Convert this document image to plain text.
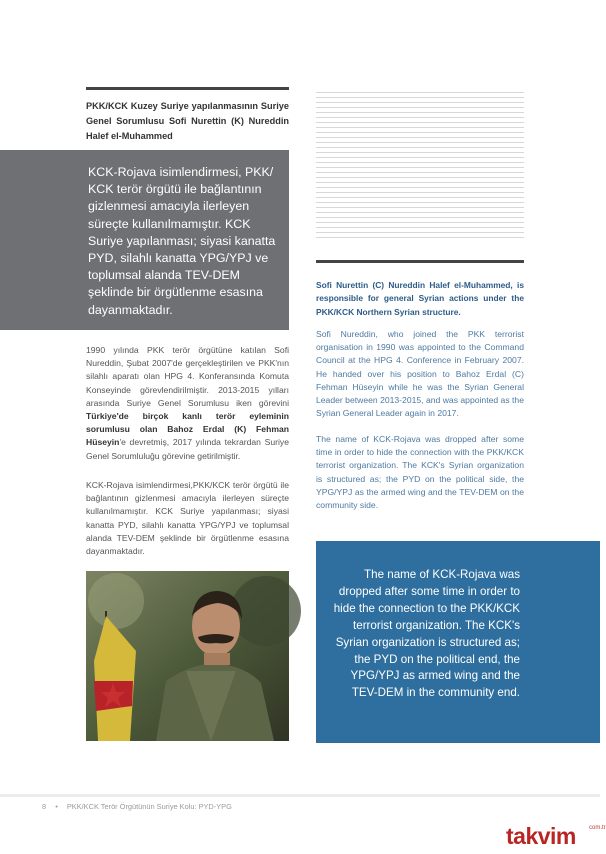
PKK/KCK Kuzey Suriye yapılanmasının Suriye Genel Sorumlusu Sofi Nurettin (K) Nureddin Halef el-Muhammed

KCK-Rojava isimlendirmesi, PKK/ KCK terör örgütü ile bağlantının gizlenmesi amacıyla ilerleyen süreçte kullanılmamıştır. KCK Suriye yapılanması; siyasi kanatta PYD, silahlı kanatta YPG/YPJ ve toplumsal alanda TEV-DEM şeklinde bir örgütlenme esasına dayanmaktadır.

1990 yılında PKK terör örgütüne katılan Sofi Nureddin, Şubat 2007'de gerçekleştirilen ve PKK'nın silahlı aparatı olan HPG 4. Konferansında Komuta Konseyinde görevlendirilmiştir. 2013-2015 yılları arasında Suriye Genel Sorumlusu iken görevini Türkiye'de birçok kanlı terör eyleminin sorumlusu olan Bahoz Erdal (K) Fehman Hüseyin'e devretmiş, 2017 yılında tekrardan Suriye Genel Sorumluluğu görevine getirilmiştir.

KCK-Rojava isimlendirmesi,PKK/KCK terör örgütü ile bağlantının gizlenmesi amacıyla ilerleyen süreçte kullanılmamıştır. KCK Suriye yapılanması; siyasi kanatta PYD, silahlı kanatta YPG/YPJ ve toplumsal alanda TEV-DEM şeklinde bir örgütlenme esasına dayanmaktadır.

Sofi Nurettin (C) Nureddin Halef el-Muhammed, is responsible for general Syrian actions under the PKK/KCK Northern Syrian structure.

Sofi Nureddin, who joined the PKK terrorist organisation in 1990 was appointed to the Command Council at the HPG 4. Conference in February 2007. He handed over his position to Bahoz Erdal (C) Fehman Hüseyin while he was the Syrian General Leader between 2013-2015, and was appointed as the Syrian General Leader again in 2017.

The name of KCK-Rojava was dropped after some time in order to hide the connection with the PKK/KCK terrorist organization. The KCK's Syrian organization is structured as; the PYD on the political side, the YPG/YPJ as the armed wing and the TEV-DEM on the community side.

The name of KCK-Rojava was dropped after some time in order to hide the connection to the PKK/KCK terrorist organization. The KCK's Syrian organization is structured as; the PYD on the political end, the YPG/YPJ as armed wing and the TEV-DEM in the community end.

8 • PKK/KCK Terör Örgütünün Suriye Kolu: PYD-YPG
takvim com.tr
